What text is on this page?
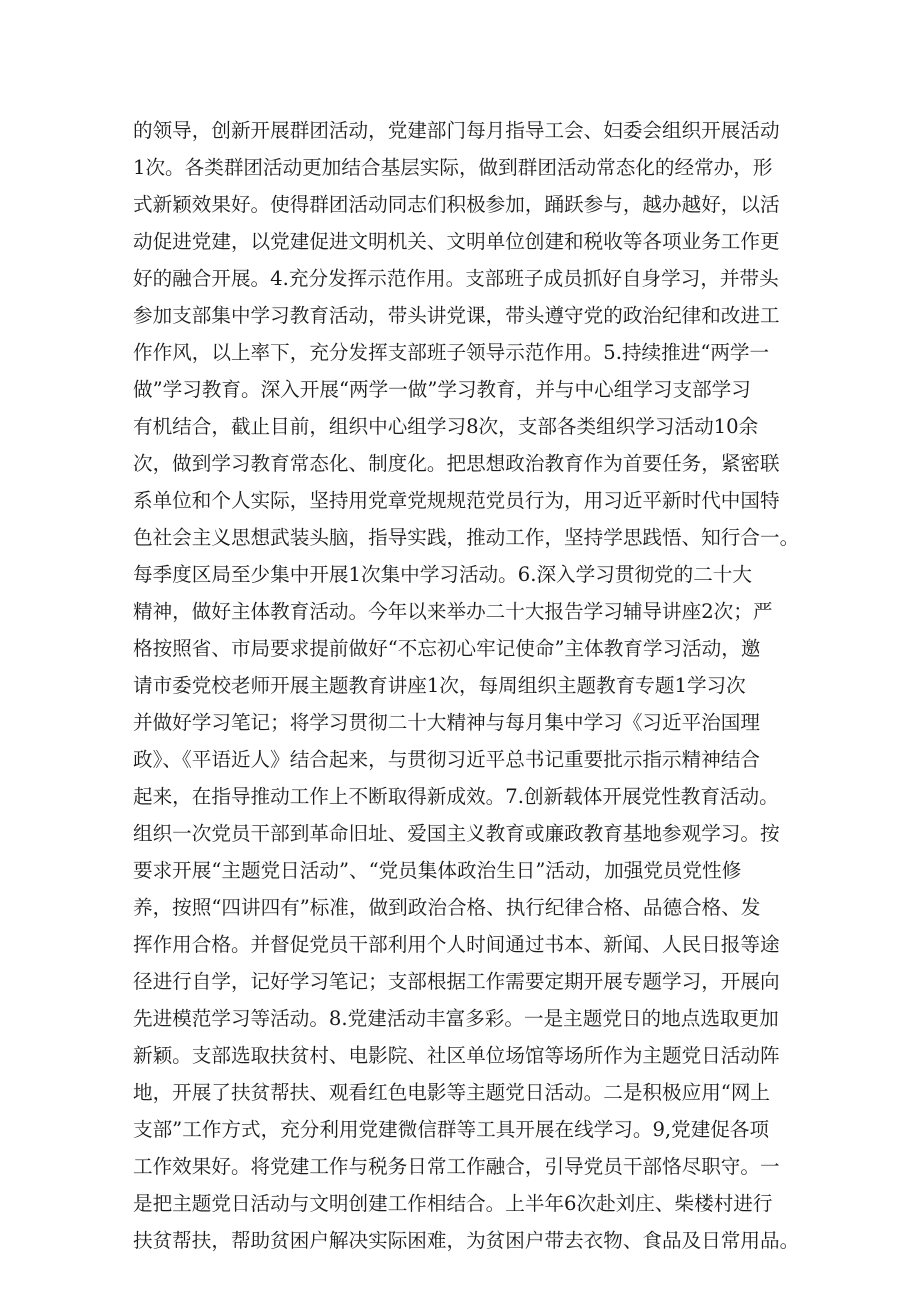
的领导，创新开展群团活动，党建部门每月指导工会、妇委会组织开展活动
1次。各类群团活动更加结合基层实际，做到群团活动常态化的经常办，形
式新颖效果好。使得群团活动同志们积极参加，踊跃参与，越办越好，以活
动促进党建，以党建促进文明机关、文明单位创建和税收等各项业务工作更
好的融合开展。4.充分发挥示范作用。支部班子成员抓好自身学习，并带头
参加支部集中学习教育活动，带头讲党课，带头遵守党的政治纪律和改进工
作作风，以上率下，充分发挥支部班子领导示范作用。5.持续推进“两学一
做”学习教育。深入开展“两学一做”学习教育，并与中心组学习支部学习
有机结合，截止目前，组织中心组学习8次，支部各类组织学习活动10余
次，做到学习教育常态化、制度化。把思想政治教育作为首要任务，紧密联
系单位和个人实际，坚持用党章党规规范党员行为，用习近平新时代中国特
色社会主义思想武装头脑，指导实践，推动工作，坚持学思践悟、知行合一。
每季度区局至少集中开展1次集中学习活动。6.深入学习贯彻党的二十大
精神，做好主体教育活动。今年以来举办二十大报告学习辅导讲座2次；严
格按照省、市局要求提前做好“不忘初心牢记使命”主体教育学习活动，邀
请市委党校老师开展主题教育讲座1次，每周组织主题教育专题1学习次
并做好学习笔记；将学习贯彻二十大精神与每月集中学习《习近平治国理
政》、《平语近人》结合起来，与贯彻习近平总书记重要批示指示精神结合
起来，在指导推动工作上不断取得新成效。7.创新载体开展党性教育活动。
组织一次党员干部到革命旧址、爱国主义教育或廉政教育基地参观学习。按
要求开展“主题党日活动”、“党员集体政治生日”活动，加强党员党性修
养，按照“四讲四有”标准，做到政治合格、执行纪律合格、品德合格、发
挥作用合格。并督促党员干部利用个人时间通过书本、新闻、人民日报等途
径进行自学，记好学习笔记；支部根据工作需要定期开展专题学习，开展向
先进模范学习等活动。8.党建活动丰富多彩。一是主题党日的地点选取更加
新颖。支部选取扶贫村、电影院、社区单位场馆等场所作为主题党日活动阵
地，开展了扶贫帮扶、观看红色电影等主题党日活动。二是积极应用“网上
支部”工作方式，充分利用党建微信群等工具开展在线学习。9,党建促各项
工作效果好。将党建工作与税务日常工作融合，引导党员干部恪尽职守。一
是把主题党日活动与文明创建工作相结合。上半年6次赴刘庄、柴楼村进行
扶贫帮扶，帮助贫困户解决实际困难，为贫困户带去衣物、食品及日常用品。
